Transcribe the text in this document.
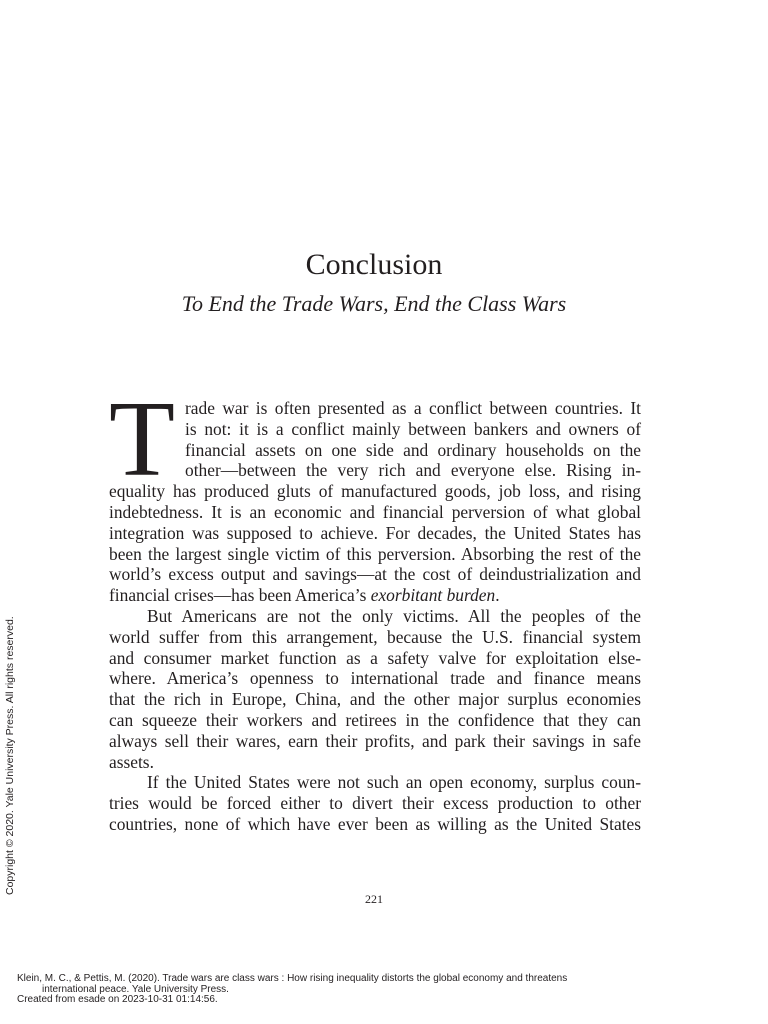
Conclusion
To End the Trade Wars, End the Class Wars
T rade war is often presented as a conflict between countries. It
is not: it is a conflict mainly between bankers and owners of
financial assets on one side and ordinary households on the
other—between the very rich and everyone else. Rising in-
equality has produced gluts of manufactured goods, job loss, and rising
indebtedness. It is an economic and financial perversion of what global
integration was supposed to achieve. For decades, the United States has
been the largest single victim of this perversion. Absorbing the rest of the
world’s excess output and savings—at the cost of deindustrialization and
financial crises—has been America’s exorbitant burden.
But Americans are not the only victims. All the peoples of the
world suffer from this arrangement, because the U.S. financial system
and consumer market function as a safety valve for exploitation else-
where. America’s openness to international trade and finance means
that the rich in Europe, China, and the other major surplus economies
can squeeze their workers and retirees in the confidence that they can
always sell their wares, earn their profits, and park their savings in safe
assets.
If the United States were not such an open economy, surplus coun-
tries would be forced either to divert their excess production to other
countries, none of which have ever been as willing as the United States
221
Copyright © 2020. Yale University Press. All rights reserved.
Klein, M. C., & Pettis, M. (2020). Trade wars are class wars : How rising inequality distorts the global economy and threatens
international peace. Yale University Press.
Created from esade on 2023-10-31 01:14:56.
